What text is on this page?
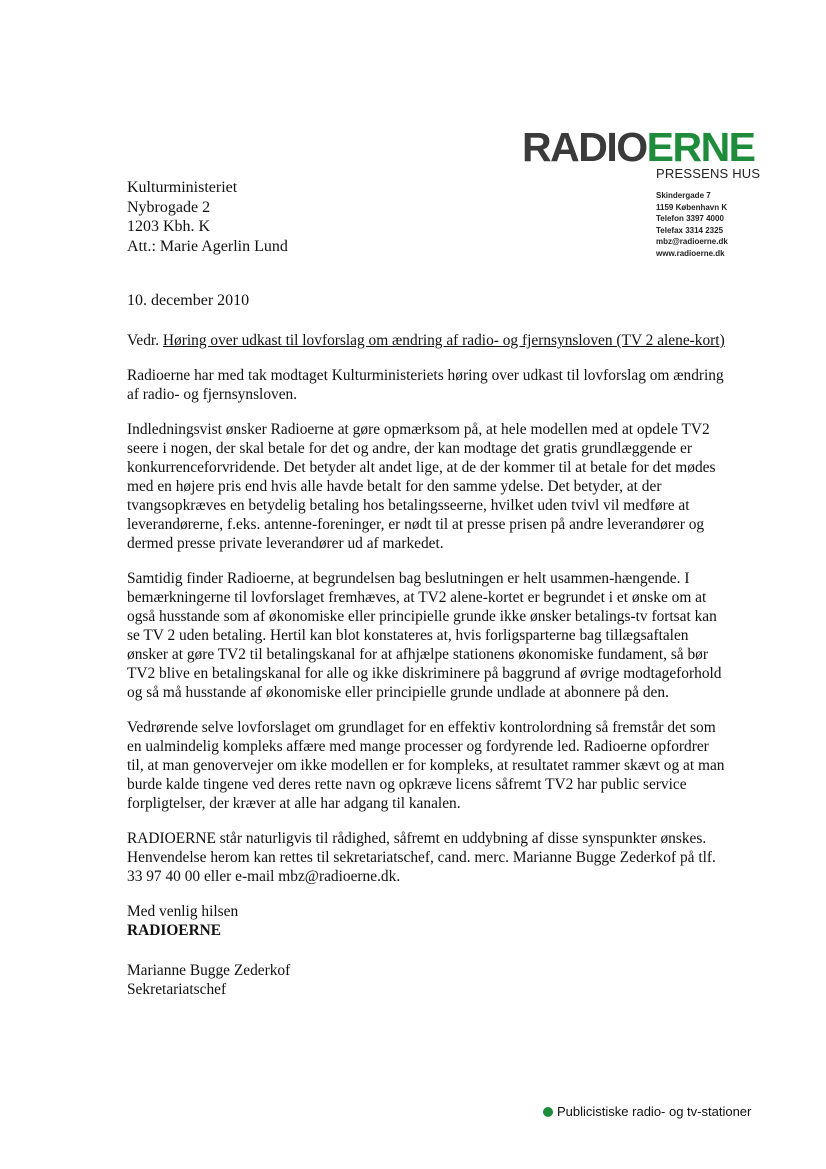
RADIOERNE
PRESSENS HUS
Skindergade 7
1159 København K
Telefon 3397 4000
Telefax 3314 2325
mbz@radioerne.dk
www.radioerne.dk
Kulturministeriet
Nybrogade 2
1203 Kbh. K
Att.: Marie Agerlin Lund
10. december 2010

Vedr. Høring over udkast til lovforslag om ændring af radio- og fjernsynsloven (TV 2 alene-kort)

Radioerne har med tak modtaget Kulturministeriets høring over udkast til lovforslag om ændring af radio- og fjernsynsloven.

Indledningsvist ønsker Radioerne at gøre opmærksom på, at hele modellen med at opdele TV2 seere i nogen, der skal betale for det og andre, der kan modtage det gratis grundlæggende er konkurrenceforvridende. Det betyder alt andet lige, at de der kommer til at betale for det mødes med en højere pris end hvis alle havde betalt for den samme ydelse. Det betyder, at der tvangsopkræves en betydelig betaling hos betalingsseerne, hvilket uden tvivl vil medføre at leverandørerne, f.eks. antenne-foreninger, er nødt til at presse prisen på andre leverandører og dermed presse private leverandører ud af markedet.

Samtidig finder Radioerne, at begrundelsen bag beslutningen er helt usammen-hængende. I bemærkningerne til lovforslaget fremhæves, at TV2 alene-kortet er begrundet i et ønske om at også husstande som af økonomiske eller principielle grunde ikke ønsker betalings-tv fortsat kan se TV 2 uden betaling. Hertil kan blot konstateres at, hvis forligsparterne bag tillægsaftalen ønsker at gøre TV2 til betalingskanal for at afhjælpe stationens økonomiske fundament, så bør TV2 blive en betalingskanal for alle og ikke diskriminere på baggrund af øvrige modtageforhold og så må husstande af økonomiske eller principielle grunde undlade at abonnere på den.

Vedrørende selve lovforslaget om grundlaget for en effektiv kontrolordning så fremstår det som en ualmindelig kompleks affære med mange processer og fordyrende led. Radioerne opfordrer til, at man genovervejer om ikke modellen er for kompleks, at resultatet rammer skævt og at man burde kalde tingene ved deres rette navn og opkræve licens såfremt TV2 har public service forpligtelser, der kræver at alle har adgang til kanalen.

RADIOERNE står naturligvis til rådighed, såfremt en uddybning af disse synspunkter ønskes. Henvendelse herom kan rettes til sekretariatschef, cand. merc. Marianne Bugge Zederkof på tlf. 33 97 40 00 eller e-mail mbz@radioerne.dk.

Med venlig hilsen

RADIOERNE

Marianne Bugge Zederkof

Sekretariatschef

Publicistiske radio- og tv-stationer
